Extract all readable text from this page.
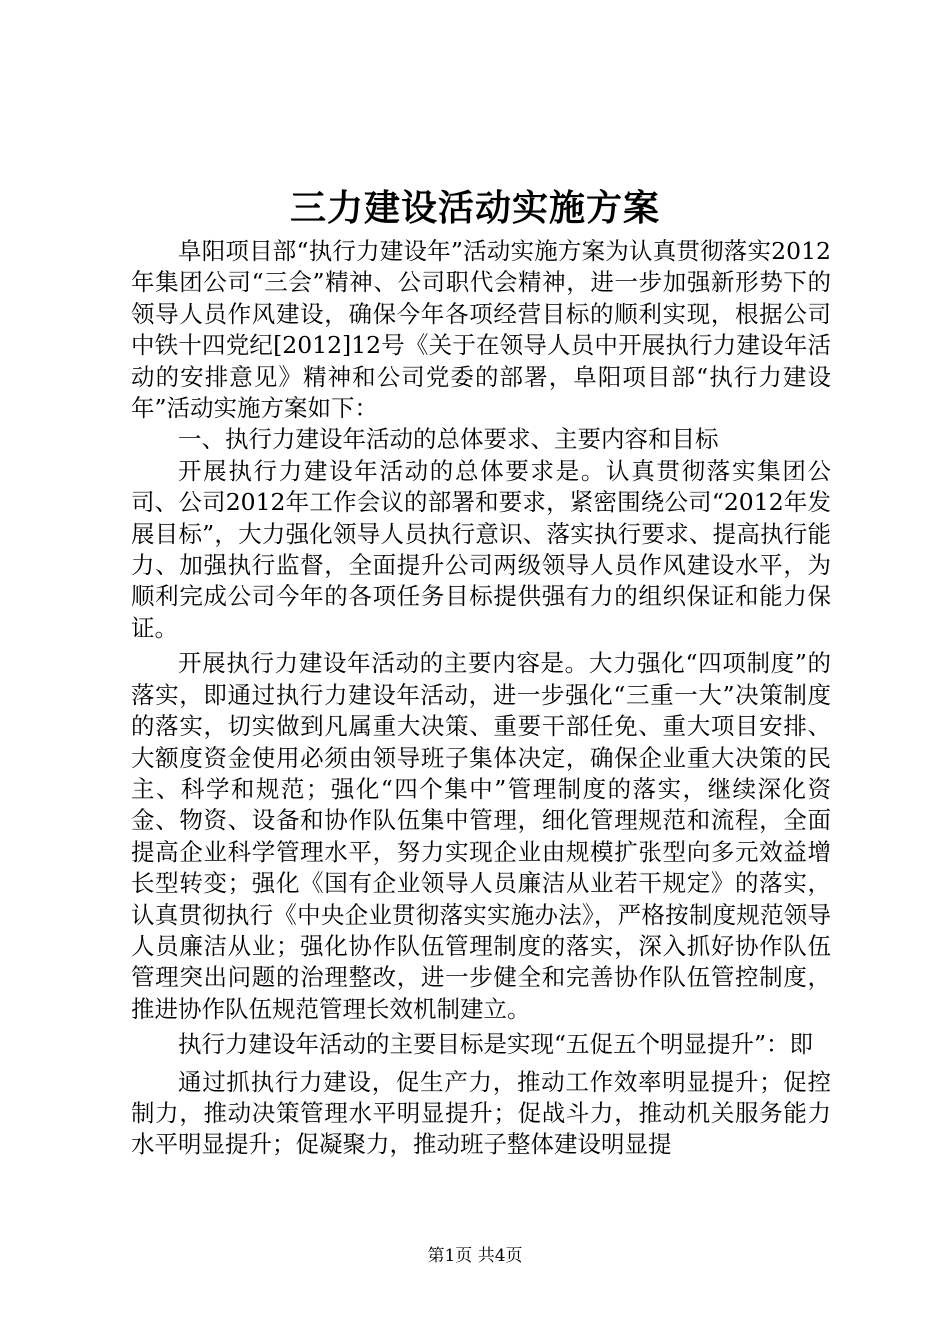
三力建设活动实施方案

阜阳项目部“执行力建设年”活动实施方案为认真贯彻落实2012年集团公司“三会”精神、公司职代会精神，进一步加强新形势下的领导人员作风建设，确保今年各项经营目标的顺利实现，根据公司中铁十四党纪[2012]12号《关于在领导人员中开展执行力建设年活动的安排意见》精神和公司党委的部署，阜阳项目部“执行力建设年”活动实施方案如下：

一、执行力建设年活动的总体要求、主要内容和目标

开展执行力建设年活动的总体要求是。认真贯彻落实集团公司、公司2012年工作会议的部署和要求，紧密围绕公司“2012年发展目标”，大力强化领导人员执行意识、落实执行要求、提高执行能力、加强执行监督，全面提升公司两级领导人员作风建设水平，为顺利完成公司今年的各项任务目标提供强有力的组织保证和能力保证。

开展执行力建设年活动的主要内容是。大力强化“四项制度”的落实，即通过执行力建设年活动，进一步强化“三重一大”决策制度的落实，切实做到凡属重大决策、重要干部任免、重大项目安排、大额度资金使用必须由领导班子集体决定，确保企业重大决策的民主、科学和规范；强化“四个集中”管理制度的落实，继续深化资金、物资、设备和协作队伍集中管理，细化管理规范和流程，全面提高企业科学管理水平，努力实现企业由规模扩张型向多元效益增长型转变；强化《国有企业领导人员廉洁从业若干规定》的落实，认真贯彻执行《中央企业贯彻落实实施办法》，严格按制度规范领导人员廉洁从业；强化协作队伍管理制度的落实，深入抓好协作队伍管理突出问题的治理整改，进一步健全和完善协作队伍管控制度，推进协作队伍规范管理长效机制建立。

执行力建设年活动的主要目标是实现“五促五个明显提升”：即

通过抓执行力建设，促生产力，推动工作效率明显提升；促控制力，推动决策管理水平明显提升；促战斗力，推动机关服务能力水平明显提升；促凝聚力，推动班子整体建设明显提

第1页 共4页
